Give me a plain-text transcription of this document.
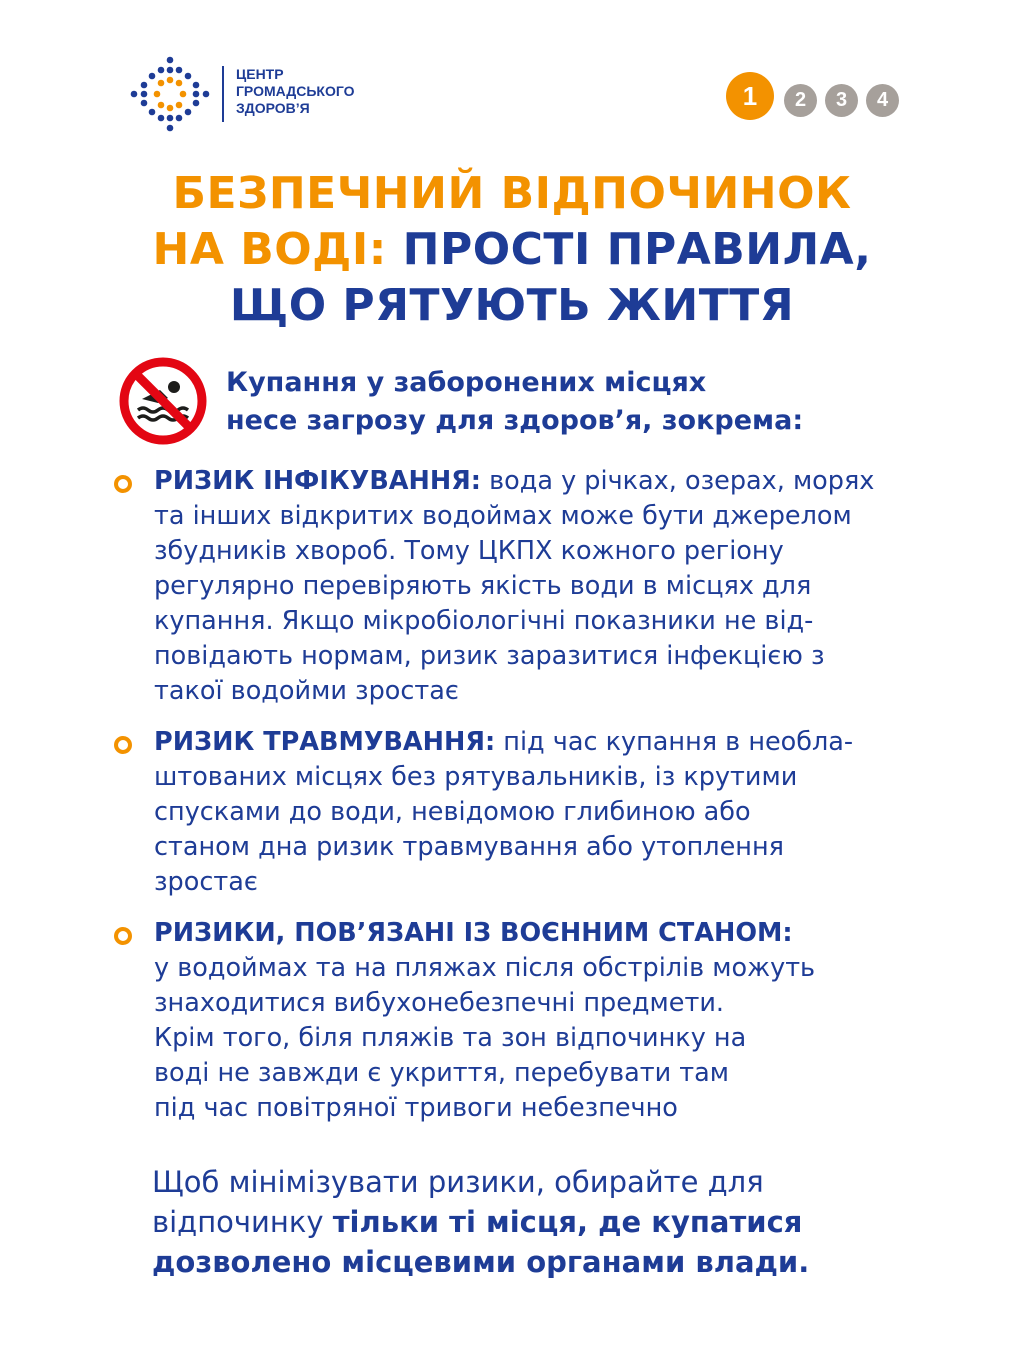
ЦЕНТР
ГРОМАДСЬКОГО
ЗДОРОВ’Я	1	2	3	4
БЕЗПЕЧНИЙ ВІДПОЧИНОК
НА ВОДІ: ПРОСТІ ПРАВИЛА,
ЩО РЯТУЮТЬ ЖИТТЯ
Купання у заборонених місцях
несе загрозу для здоров’я, зокрема:
РИЗИК ІНФІКУВАННЯ: вода у річках, озерах, морях
та інших відкритих водоймах може бути джерелом
збудників хвороб. Тому ЦКПХ кожного регіону
регулярно перевіряють якість води в місцях для
купання. Якщо мікробіологічні показники не від-
повідають нормам, ризик заразитися інфекцією з
такої водойми зростає
РИЗИК ТРАВМУВАННЯ: під час купання в необла-
штованих місцях без рятувальників, із крутими
спусками до води, невідомою глибиною або
станом дна ризик травмування або утоплення
зростає
РИЗИКИ, ПОВ’ЯЗАНІ ІЗ ВОЄННИМ СТАНОМ:
у водоймах та на пляжах після обстрілів можуть
знаходитися вибухонебезпечні предмети.
Крім того, біля пляжів та зон відпочинку на
воді не завжди є укриття, перебувати там
під час повітряної тривоги небезпечно
Щоб мінімізувати ризики, обирайте для
відпочинку тільки ті місця, де купатися
дозволено місцевими органами влади.
